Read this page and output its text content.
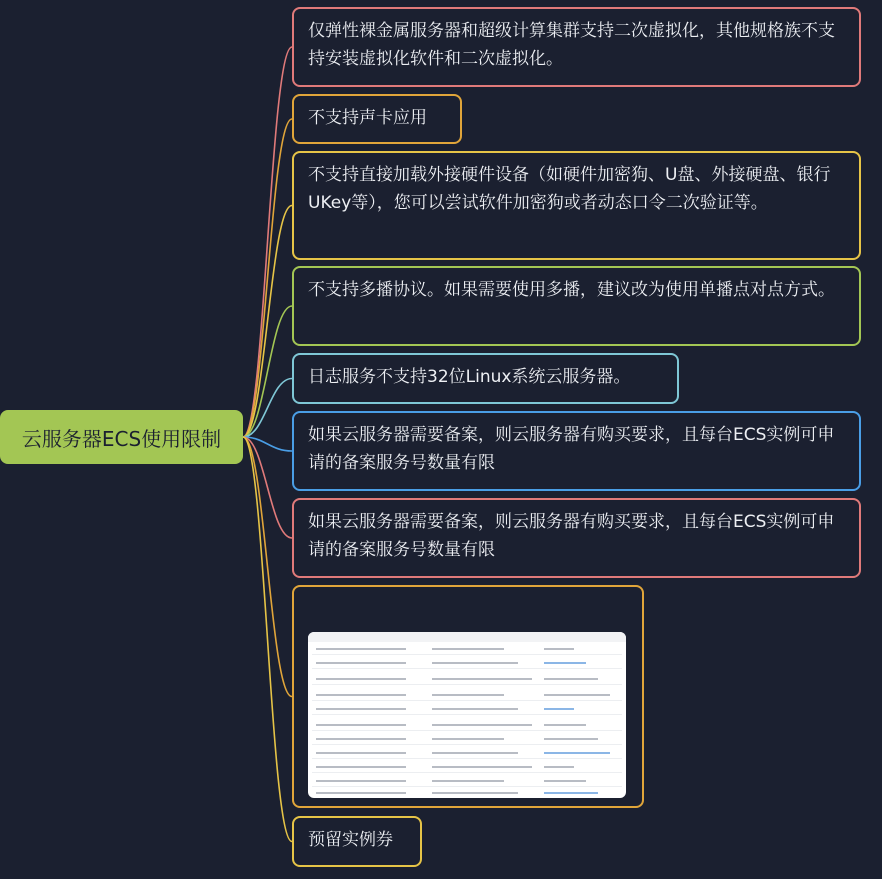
云服务器ECS使用限制
仅弹性裸金属服务器和超级计算集群支持二次虚拟化，其他规格族不支持安装虚拟化软件和二次虚拟化。
不支持声卡应用
不支持直接加载外接硬件设备（如硬件加密狗、U盘、外接硬盘、银行UKey等），您可以尝试软件加密狗或者动态口令二次验证等。
不支持多播协议。如果需要使用多播，建议改为使用单播点对点方式。
日志服务不支持32位Linux系统云服务器。
如果云服务器需要备案，则云服务器有购买要求，且每台ECS实例可申请的备案服务号数量有限
如果云服务器需要备案，则云服务器有购买要求，且每台ECS实例可申请的备案服务号数量有限
预留实例券
